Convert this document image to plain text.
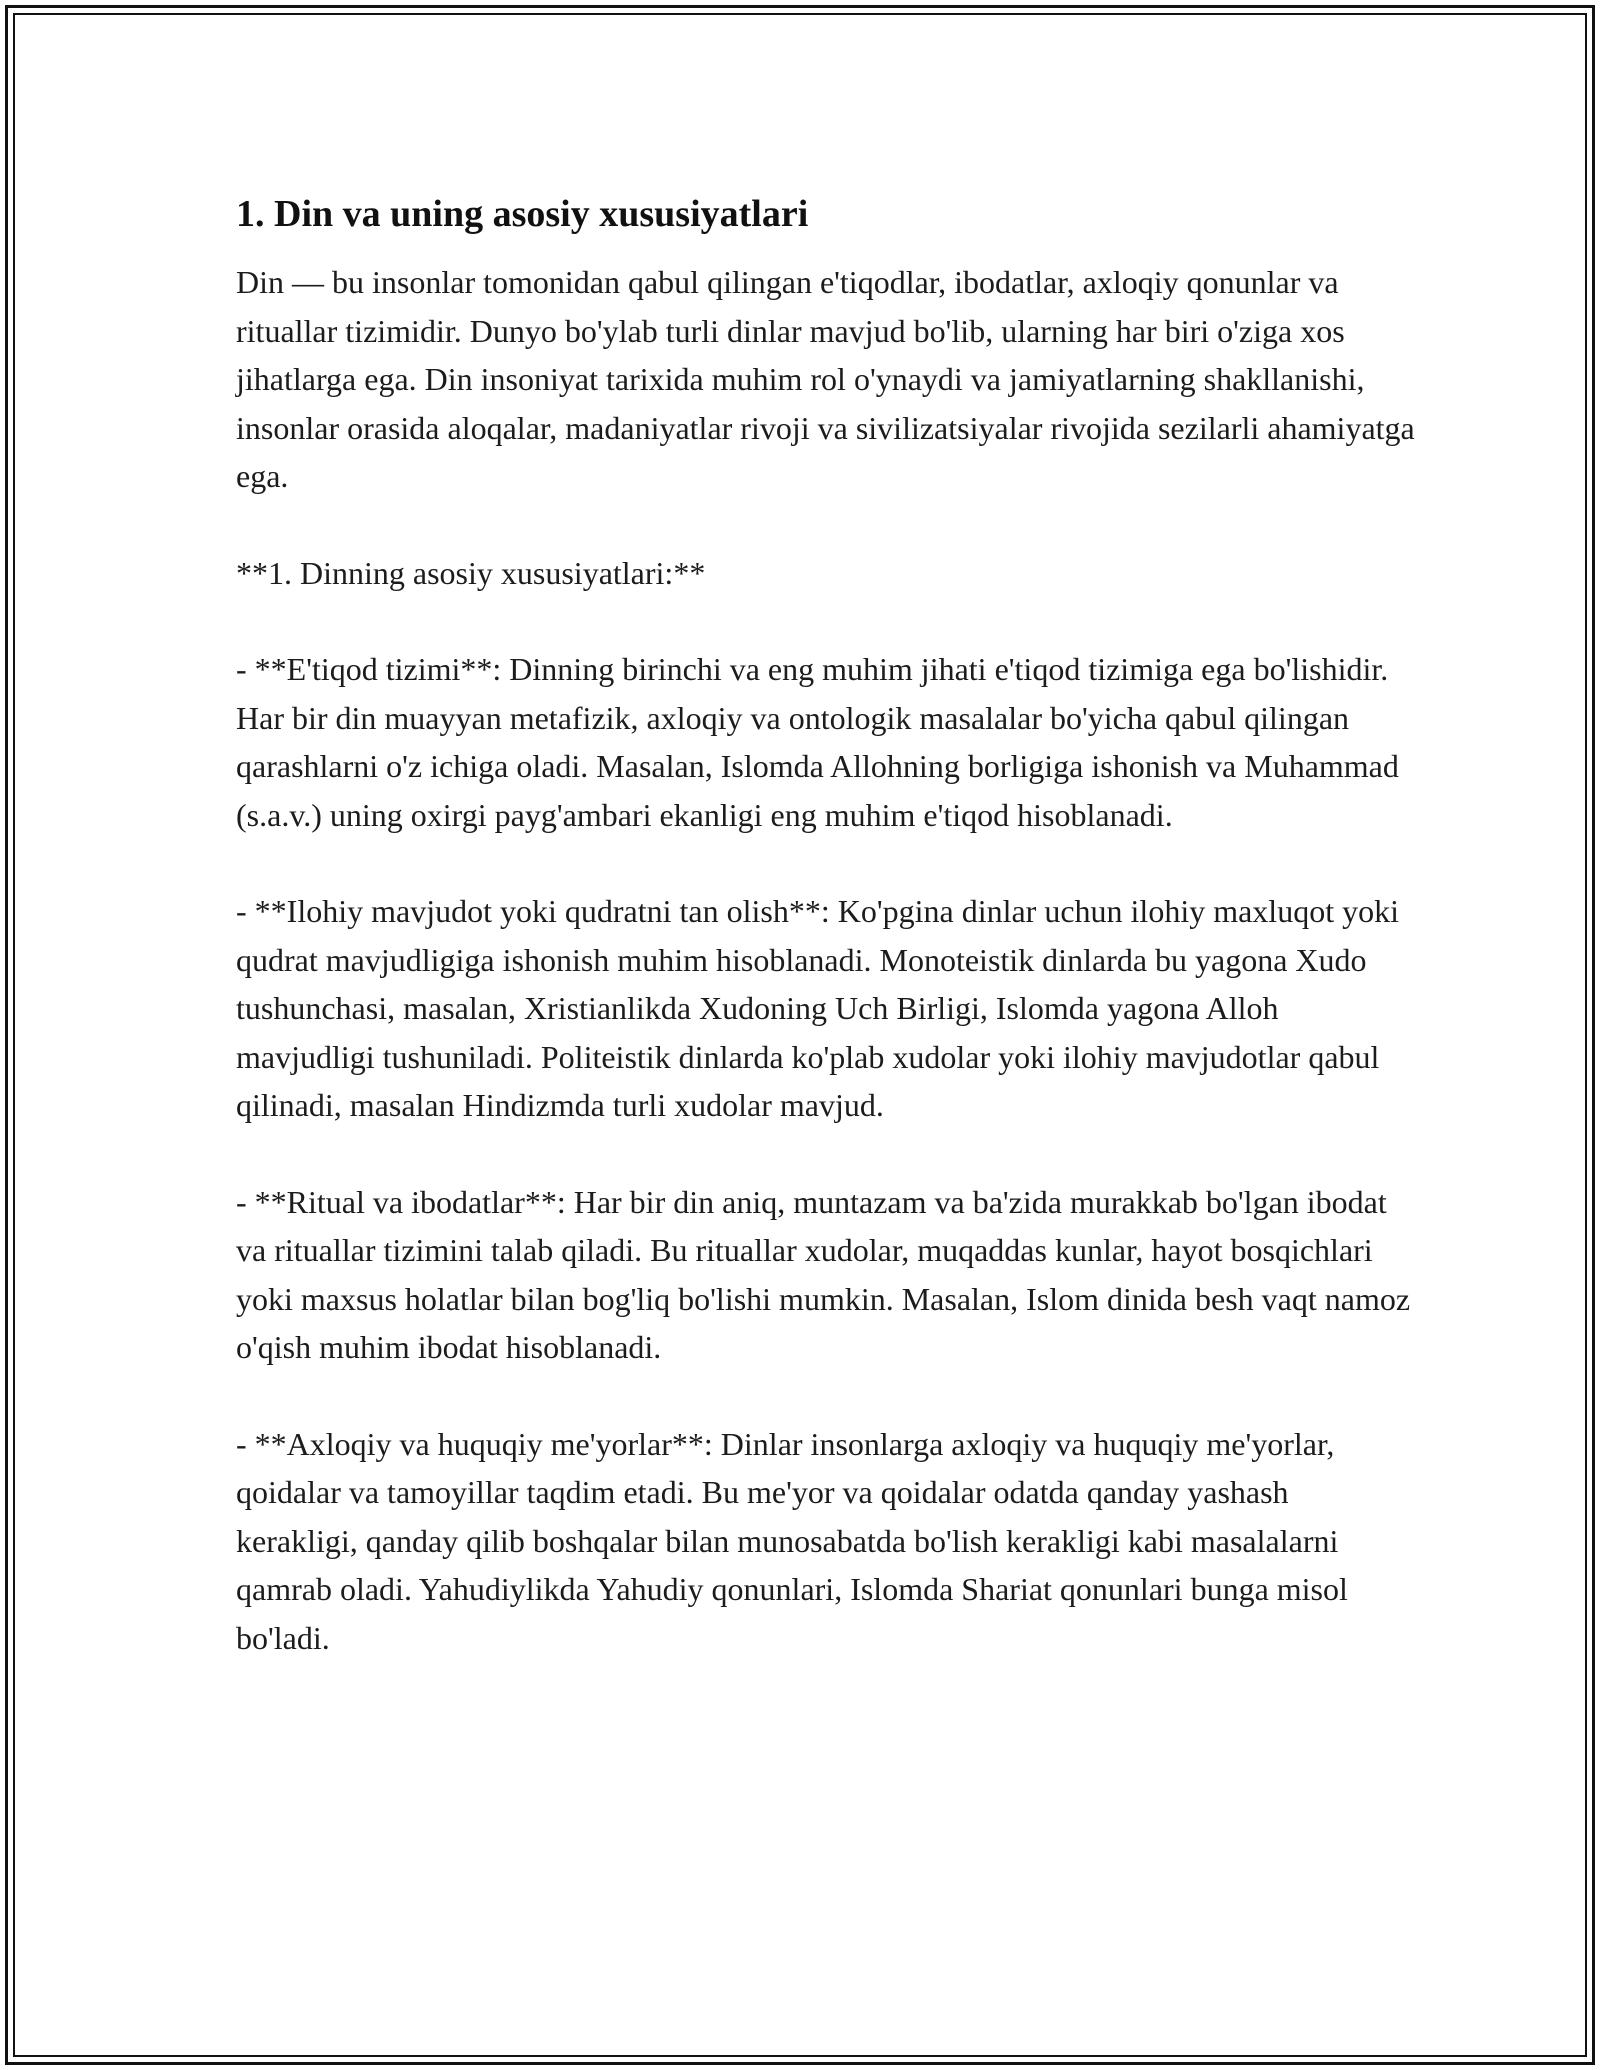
1. Din va uning asosiy xususiyatlari

Din — bu insonlar tomonidan qabul qilingan e'tiqodlar, ibodatlar, axloqiy qonunlar va rituallar tizimidir. Dunyo bo'ylab turli dinlar mavjud bo'lib, ularning har biri o'ziga xos jihatlarga ega. Din insoniyat tarixida muhim rol o'ynaydi va jamiyatlarning shakllanishi, insonlar orasida aloqalar, madaniyatlar rivoji va sivilizatsiyalar rivojida sezilarli ahamiyatga ega.

**1. Dinning asosiy xususiyatlari:**

- **E'tiqod tizimi**: Dinning birinchi va eng muhim jihati e'tiqod tizimiga ega bo'lishidir. Har bir din muayyan metafizik, axloqiy va ontologik masalalar bo'yicha qabul qilingan qarashlarni o'z ichiga oladi. Masalan, Islomda Allohning borligiga ishonish va Muhammad (s.a.v.) uning oxirgi payg'ambari ekanligi eng muhim e'tiqod hisoblanadi.

- **Ilohiy mavjudot yoki qudratni tan olish**: Ko'pgina dinlar uchun ilohiy maxluqot yoki qudrat mavjudligiga ishonish muhim hisoblanadi. Monoteistik dinlarda bu yagona Xudo tushunchasi, masalan, Xristianlikda Xudoning Uch Birligi, Islomda yagona Alloh mavjudligi tushuniladi. Politeistik dinlarda ko'plab xudolar yoki ilohiy mavjudotlar qabul qilinadi, masalan Hindizmda turli xudolar mavjud.

- **Ritual va ibodatlar**: Har bir din aniq, muntazam va ba'zida murakkab bo'lgan ibodat va rituallar tizimini talab qiladi. Bu rituallar xudolar, muqaddas kunlar, hayot bosqichlari yoki maxsus holatlar bilan bog'liq bo'lishi mumkin. Masalan, Islom dinida besh vaqt namoz o'qish muhim ibodat hisoblanadi.

- **Axloqiy va huquqiy me'yorlar**: Dinlar insonlarga axloqiy va huquqiy me'yorlar, qoidalar va tamoyillar taqdim etadi. Bu me'yor va qoidalar odatda qanday yashash kerakligi, qanday qilib boshqalar bilan munosabatda bo'lish kerakligi kabi masalalarni qamrab oladi. Yahudiylikda Yahudiy qonunlari, Islomda Shariat qonunlari bunga misol bo'ladi.
